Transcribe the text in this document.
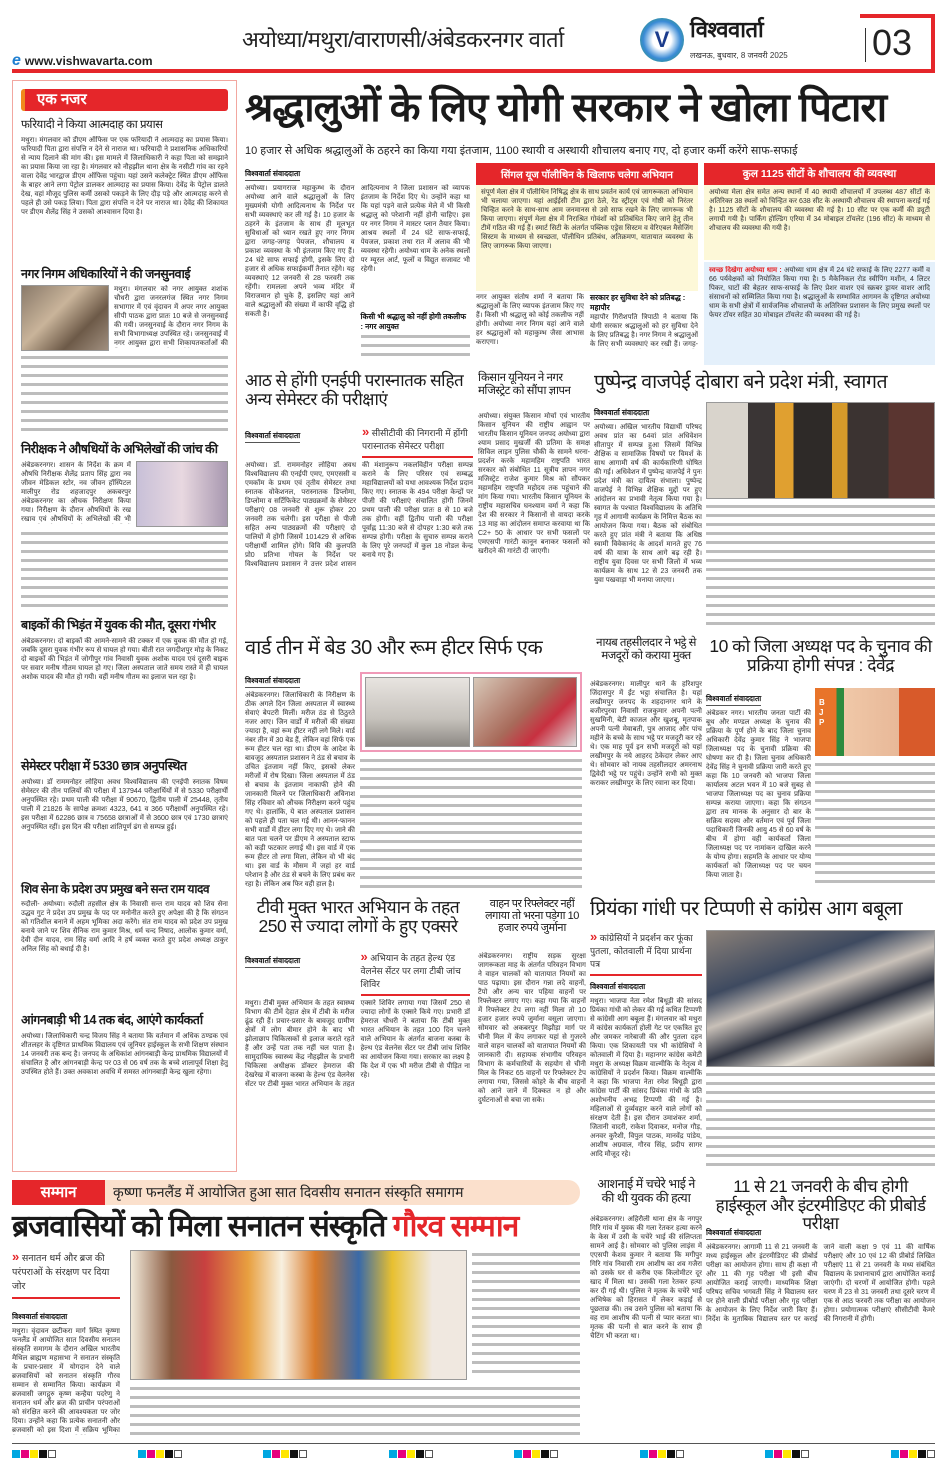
e www.vishwavarta.com
अयोध्या/मथुरा/वाराणसी/अंबेडकरनगर वार्ता	V विश्ववार्ता
लखनऊ, बुधवार, 8 जनवरी 2025 03
एक नजर
फरियादी ने किया आत्मदाह का प्रयास
मथुरा। मंगलवार को डीएम ऑफिस पर एक फरियादी ने आत्मदाह का प्रयास किया। फरियादी पिता द्वारा संपत्ति न देने से नाराज था। फरियादी ने प्रशासनिक अधिकारियों से न्याय दिलाने की मांग की। इस मामले में जिलाधिकारी ने कहा पिता को समझाने का प्रयास किया जा रहा है। मंगलवार को नौहझील थाना क्षेत्र के नसीटी गांव का रहने वाला देवेंद्र भारद्वाज डीएम ऑफिस पहुंचा। यहां उसने कलेक्ट्रेट स्थित डीएम ऑफिस के बाहर आने लगा पेट्रोल डालकर आत्मदाह का प्रयास किया। देवेंद्र के पेट्रोल डालते देख, वहां मौजूद पुलिस कर्मी उसको पकड़ने के लिए दौड़ पड़े और आत्मदाह करने से पहले ही उसे पकड़ लिया। पिता द्वारा संपत्ति न देने पर नाराज था। देवेंद्र की शिकायत पर डीएम शैलेंद्र सिंह ने उसको आश्वासन दिया है।
नगर निगम अधिकारियों ने की जनसुनवाई
मथुरा। मंगलवार को नगर आयुक्त शशांक चौधरी द्वारा जनरलगंज स्थित नगर निगम सभागार में एवं वृंदावन में अपर नगर आयुक्त सीपी पाठक द्वारा प्रातः 10 बजे से जनसुनवाई की गयी। जनसुनवाई के दौरान नगर निगम के सभी विभागाध्यक्ष उपस्थित रहे। जनसुनवाई में नगर आयुक्त द्वारा सभी शिकायतकर्ताओं की
निरीक्षक ने औषधियों के अभिलेखों की जांच की
अंबेडकरनगर। शासन के निर्देश के क्रम में औषधि निरीक्षक शैलेंद्र प्रताप सिंह द्वारा नव जीवन मेडिकल स्टोर, नव जीवन हॉस्पिटल मालीपुर रोड शहजादपुर अकबरपुर अंबेडकरनगर का औचक निरीक्षण किया गया। निरीक्षण के दौरान औषधियों के रख रखाव एवं औषधियों के अभिलेखों की भी
बाइकों की भिड़ंत में युवक की मौत, दूसरा गंभीर
अंबेडकरनगर। दो बाइकों की आमने-सामने की टक्कर में एक युवक की मौत हो गई, जबकि दूसरा युवक गंभीर रूप से घायल हो गया। बीती रात जगदीशपुर मोड़ के निकट दो बाइकों की भिड़ंत में जोगीपुर गांव निवासी युवक अशोक यादव एवं दूसरी बाइक पर सवार मनीष गौतम घायल हो गए। जिला अस्पताल जाते समय रास्ते में ही घायल अशोक यादव की मौत हो गयी। वहीं मनीष गौतम का इलाज चल रहा है।
सेमेस्टर परीक्षा में 5330 छात्र अनुपस्थित
अयोध्या। डॉ राममनोहर लोहिया अवध विश्वविद्यालय की एनईपी स्नातक विषम सेमेस्टर की तीन पालियों की परीक्षा में 137944 परीक्षार्थियों में से 5330 परीक्षार्थी अनुपस्थित रहे। प्रथम पाली की परीक्षा में 90670, द्वितीय पाली में 25448, तृतीय पाली में 21826 के सापेक्ष क्रमशः 4323, 641 व 366 परीक्षार्थी अनुपस्थित रहे। इस परीक्षा में 62286 छात्र व 75658 छात्राओं में से 3600 छात्र एवं 1730 छात्राएं अनुपस्थित रहीं। इस दिन की परीक्षा शांतिपूर्ण ढंग से सम्पन्न हुई।
शिव सेना के प्रदेश उप प्रमुख बने सन्त राम यादव
रुदौली- अयोध्या। रुदौली तहसील क्षेत्र के निवासी सन्त राम यादव को शिव सेना उद्धव गुट ने प्रदेश उप प्रमुख के पद पर मनोनीत करते हुए अपेक्षा की है कि संगठन को गतिशील बनाने में अहम भूमिका अदा करेंगे। संत राम यादव को प्रदेश उप प्रमुख बनाये जाने पर शिव सैनिक राम कुमार मिश्र, धर्म चन्द निषाद, आलोक कुमार वर्मा, देवी दीन यादव, राम सिंह वर्मा आदि ने हर्ष व्यक्त करते हुए प्रदेश अध्यक्ष ठाकुर अनिल सिंह को बधाई दी है।
आंगनबाड़ी भी 14 तक बंद, आएंगे कार्यकर्ता
अयोध्या। जिलाधिकारी चन्द्र विजय सिंह ने बताया कि वर्तमान में अधिक ठण्डक एवं शीतलहर के दृष्टिगत प्राथमिक विद्यालय एवं जूनियर हाईस्कूल के सभी शिक्षण संस्थान 14 जनवरी तक बन्द है। जनपद के अधिकांश आंगनबाड़ी केन्द्र प्राथमिक विद्यालयों में संचालित है और आंगनबाड़ी केन्द्र पर 03 से 06 वर्ष तक के बच्चे शालापूर्व शिक्षा हेतु उपस्थित होते हैं। उक्त अवकाश अवधि में समस्त आंगनबाड़ी केन्द्र खुला रहेगा।
श्रद्धालुओं के लिए योगी सरकार ने खोला पिटारा
10 हजार से अधिक श्रद्धालुओं के ठहरने का किया गया इंतजाम, 1100 स्थायी व अस्थायी शौचालय बनाए गए, दो हजार कर्मी करेंगे साफ-सफाई
विश्ववार्ता संवाददाता
अयोध्या। प्रयागराज महाकुम्भ के दौरान अयोध्या आने वाले श्रद्धालुओं के लिए मुख्यमंत्री योगी आदित्यनाथ के निर्देश पर सभी व्यवस्थाएं कर ली गई है। 10 हजार के ठहरने के इंतजाम के साथ ही मूलभूत सुविधाओं को ध्यान रखते हुए नगर निगम द्वारा जगह-जगह पेयजल, शौचालय व प्रकाश व्यवस्था के भी इंतजाम किए गए हैं। 24 घंटे साफ सफाई होगी, इसके लिए दो हजार से अधिक सफाईकर्मी तैनात रहेंगे। यह व्यवस्थाएं 12 जनवरी से 28 फरवरी तक रहेंगी। रामलला अपने भव्य मंदिर में विराजमान हो चुके हैं, इसलिए यहां आने वाले श्रद्धालुओं की संख्या में काफी वृद्धि हो सकती है।
आदित्यनाथ ने जिला प्रशासन को व्यापक इंतजाम के निर्देश दिए थे। उन्होंने कहा था कि यहां पड़ने वाले प्रत्येक मेले में भी किसी श्रद्धालु को परेशानी नहीं होनी चाहिए। इस पर नगर निगम ने मास्टर प्लान तैयार किया। आश्रय स्थलों में 24 घंटे साफ-सफाई, पेयजल, प्रकाश तथा रात में अलाव की भी व्यवस्था रहेगी। अयोध्या धाम के अनेक स्थलों पर म्यूरल आर्ट, फूलों व विद्युत सजावट भी रहेगी।
किसी भी श्रद्धालु को नहीं होगी तकलीफ : नगर आयुक्त
सिंगल यूज पॉलीथिन के खिलाफ चलेगा अभियान
संपूर्ण मेला क्षेत्र में पॉलीथिन निषिद्ध क्षेत्र के साथ प्रवर्तन कार्य एवं जागरूकता अभियान भी चलाया जाएगा। यहां आईईसी टीम द्वारा ठेले, रेड स्ट्रीट्स एवं गोष्ठी को निरंतर चिन्हित करने के साथ-साथ आम जनमानस से उसे साफ रखने के लिए जागरूक भी किया जाएगा। संपूर्ण मेला क्षेत्र में निराश्रित गोवंशों को प्रतिबंधित किए जाने हेतु तीन टीमें गठित की गई हैं। स्मार्ट सिटी के अंतर्गत पब्लिक एड्रेस सिस्टम व वेरिएबल मैसेजिंग सिस्टम के माध्यम से स्वच्छता, पॉलीथिन प्रतिबंध, अतिक्रमण, यातायात व्यवस्था के लिए जागरूक किया जाएगा।
नगर आयुक्त संतोष शर्मा ने बताया कि श्रद्धालुओं के लिए व्यापक इंतजाम किए गए हैं। किसी भी श्रद्धालु को कोई तकलीफ नहीं होगी। अयोध्या नगर निगम यहां आने वाले हर श्रद्धालुओं को महाकुम्भ जैसा आभास कराएगा।
सरकार हर सुविधा देने को प्रतिबद्ध : महापौर
महापौर गिरीशपति त्रिपाठी ने बताया कि योगी सरकार श्रद्धालुओं को हर सुविधा देने के लिए प्रतिबद्ध है। नगर निगम ने श्रद्धालुओं के लिए सभी व्यवस्थाएं कर रखी हैं। जगह-
कुल 1125 सीटों के शौचालय की व्यवस्था
अयोध्या मेला क्षेत्र समेत अन्य स्थानों में 40 स्थायी शौचालयों में उपलब्ध 487 सीटों के अतिरिक्त 38 स्थलों को चिन्हित कर 638 सीट के अस्थायी शौचालय की स्थापना कराई गई है। 1125 सीटों के शौचालय की व्यवस्था की गई है। 10 सीट पर एक कर्मी की ड्यूटी लगायी गयी है। पार्किंग होल्डिंग एरिया में 34 मोबाइल टॉयलेट (196 सीट) के माध्यम से शौचालय की व्यवस्था की गयी है।
स्वच्छ दिखेगा अयोध्या धाम : अयोध्या धाम क्षेत्र में 24 घंटे सफाई के लिए 2277 कर्मी व 66 पर्यवेक्षकों को नियोजित किया गया है। 5 मैकेनिकल रोड स्वीपिंग मशीन, 4 लिटर पिकर, घाटों की बेहतर साफ-सफाई के लिए प्रेशर वाशर एवं स्क्रबर ड्रायर वाशर आदि संसाधनों को सम्मिलित किया गया है। श्रद्धालुओं के सम्भावित आगमन के दृष्टिगत अयोध्या धाम के सभी क्षेत्रों में सार्वजनिक शौचालयों के अतिरिक्त प्रशासन के लिए प्रमुख स्थलों पर फेयर टॉयर सहित 30 मोबाइल टॉयलेट की व्यवस्था की गई है।
आठ से होंगी एनईपी परास्नातक सहित अन्य सेमेस्टर की परीक्षाएं
विश्ववार्ता संवाददाता	» सीसीटीवी की निगरानी में होंगी परास्नातक सेमेस्टर परीक्षा
अयोध्या। डॉ. राममनोहर लोहिया अवध विश्वविद्यालय की एनईपी एमए, एमएससी व एमकॉम के प्रथम एवं तृतीय सेमेस्टर तथा स्नातक वोकेशनल, परास्नातक डिप्लोमा, डिप्लोमा व सर्टिफिकेट पाठ्यक्रमों के सेमेस्टर परीक्षाएं 08 जनवरी से शुरू होकर 20 जनवरी तक चलेगी। इस परीक्षा से पीजी सहित अन्य पाठ्यक्रमों की परीक्षाएं दो पालियों में होंगी जिसमें 101429 से अधिक परीक्षार्थी शामिल होंगे। विवि की कुलपति प्रो0 प्रतिभा गोयल के निर्देश पर विश्वविद्यालय प्रशासन ने उत्तर प्रदेश शासन की मंशानुरूप नकलविहीन परीक्षा सम्पन्न कराने के लिए परिसर एवं सम्बद्ध महाविद्यालयों को यथा आवश्यक निर्देश प्रदान किए गए। स्नातक के 494 परीक्षा केन्द्रों पर पीजी की परीक्षाएं संचालित होंगी जिनमें प्रथम पाली की परीक्षा प्रातः 8 से 10 बजे तक होगी। वहीं द्वितीय पाली की परीक्षा पूर्वाह्न 11:30 बजे से दोपहर 1:30 बजे तक सम्पन्न होगी। परीक्षा के सुचारु सम्पन्न कराने के लिए पूरे जनपदों में कुल 18 नोडल केन्द्र बनाये गए हैं।
किसान यूनियन ने नगर मजिस्ट्रेट को सौंपा ज्ञापन
अयोध्या। संयुक्त किसान मोर्चा एवं भारतीय किसान यूनियन की राष्ट्रीय आह्वान पर भारतीय किसान यूनियन जनपद अयोध्या द्वारा श्याम प्रसाद मुखर्जी की प्रतिमा के समक्ष सिविल लाइन पुलिस चौकी के सामने धरना-प्रदर्शन करके महामहिम राष्ट्रपति भारत सरकार को संबोधित 11 सूत्रीय ज्ञापन नगर मजिस्ट्रेट राजेश कुमार मिश्र को सौंपकर महामहिम राष्ट्रपति महोदय तक पहुंचाने की मांग किया गया। भारतीय किसान यूनियन के राष्ट्रीय महासचिव घनश्याम वर्मा ने कहा कि देश की सरकार ने किसानों से वायदा करके 13 माह का आंदोलन समाप्त करवाया था कि C2+ 50 के आधार पर सभी फसलों पर एमएसपी गारंटी कानून बनाकर फसलों को खरीदने की गारंटी दी जाएगी।
पुष्पेन्द्र वाजपेई दोबारा बने प्रदेश मंत्री, स्वागत
विश्ववार्ता संवाददाता
अयोध्या। अखिल भारतीय विद्यार्थी परिषद अवध प्रांत का 64वां प्रांत अधिवेशन सीतापुर में सम्पन्न हुआ जिसमें विभिन्न शैक्षिक व सामाजिक विषयों पर विमर्श के साथ आगामी वर्ष की कार्यकारिणी घोषित की गई। अधिवेशन में पुष्पेन्द्र वाजपेई ने पुनः प्रदेश मंत्री का दायित्व संभाला। पुष्पेन्द्र वाजपेई ने विभिन्न शैक्षिक मुद्दों पर हुए आंदोलन का प्रभावी नेतृत्व किया गया है। स्वागत के पश्चात विश्वविद्यालय के अतिथि गृह में आगामी कार्यक्रम के निमित्त बैठक का आयोजन किया गया। बैठक को संबोधित करते हुए प्रांत मंत्री ने बताया कि अधिष्ठ स्वामी विवेकानंद के आदर्श मानते हुए 76 वर्ष की यात्रा के साथ आगे बढ़ रही है। राष्ट्रीय युवा दिवस पर सभी जिलों में भव्य कार्यक्रम के साथ 12 से 23 जनवरी तक युवा पखवाड़ा भी मनाया जाएगा।
वार्ड तीन में बेड 30 और रूम हीटर सिर्फ एक
विश्ववार्ता संवाददाता
अंबेडकरनगर। जिलाधिकारी के निरीक्षण के ठीक अगले दिन जिला अस्पताल में स्वास्थ्य सेवाएं बेपटरी मिलीं। मरीज ठंड से ठिठुरते नजर आए। जिन वार्डों में मरीजों की संख्या ज्यादा है, वहां रूम हीटर नहीं लगे मिले। वार्ड नंबर तीन में 30 बेड हैं, लेकिन वहां सिर्फ एक रूम हीटर चल रहा था। डीएम के आदेश के बावजूद अस्पताल प्रशासन ने ठंड से बचाव के उचित इंतजाम नहीं किए, इसको लेकर मरीजों में रोष दिखा। जिला अस्पताल में ठंड से बचाव के इंतजाम नाकाफी होने की जानकारी मिलने पर जिलाधिकारी अविनाश सिंह रविवार को औचक निरीक्षण करने पहुंच गए थे। हालांकि, ये बात अस्पताल प्रशासन को पहले ही पता चल गई थी। आनन-फानन सभी वार्डों में हीटर लगा दिए गए थे। जाने की बात पता चलने पर डीएम ने अस्पताल स्टाफ को कड़ी फटकार लगाई थी। इस वार्ड में एक रूम हीटर तो लगा मिला, लेकिन वो भी बंद था। इस वार्ड के मौसम में जहां हर वार्ड परेशान है और ठंड से बचने के लिए प्रबंध कर रहा है। लेकिन अब फिर वही हाल है।
नायब तहसीलदार ने भट्ठे से मजदूरों को कराया मुक्त
अंबेडकरनगर। मालीपुर थाने के हरिशपुर जिंदासपुर में ईंट भट्ठा संचालित है। यहां लखीमपुर जनपद के शहदानगर थाने के बजीरपुरवा निवासी राजकुमार अपनी पत्नी सुखमिनी, बेटी काजल और खुशबू, मृतपाक अपनी पत्नी मेवाबती, पुत्र आजाद और पांच महीने के बच्चे के साथ भट्ठे पर मजदूरी कर रहे थे। एक माह पूर्व इन सभी मजदूरों को यहां लखीमपुर के नये आहरद ठेकेदार लेकर आए थे। सोमवार को नायब तहसीलदार अमरनाथ द्विवेदी भट्ठे पर पहुंचे। उन्होंने सभी को मुक्त कराकर लखीमपुर के लिए रवाना कर दिया।
10 को जिला अध्यक्ष पद के चुनाव की प्रक्रिया होगी संपन्न : देवेंद्र
विश्ववार्ता संवाददाता
अंबेडकर नगर। भारतीय जनता पार्टी की बूथ और मण्डल अध्यक्ष के चुनाव की प्रक्रिया के पूर्ण होने के बाद जिला चुनाव अधिकारी देवेंद्र कुमार सिंह ने भाजपा जिलाध्यक्ष पद के चुनावी प्रक्रिया की घोषणा कर दी है। जिला चुनाव अधिकारी देवेंद्र सिंह ने चुनावी प्रक्रिया जारी करते हुए कहा कि 10 जनवरी को भाजपा जिला कार्यालय अटल भवन में 10 बजे सुबह से भाजपा जिलाध्यक्ष पद का चुनाव प्रक्रिया सम्पन्न कराया जाएगा। कहा कि संगठन द्वारा तय मानक के अनुसार दो बार के सक्रिय सदस्य और वर्तमान एवं पूर्व जिला पदाधिकारी जिनकी आयु 45 से 60 वर्ष के बीच में होगा वही कार्यकर्ता जिला जिलाध्यक्ष पद पर नामांकन दाखिल करने के योग्य होगा। सहमति के आधार पर योग्य कार्यकर्ता को जिलाध्यक्ष पद पर चयन किया जाता है।
BJP
टीवी मुक्त भारत अभियान के तहत 250 से ज्यादा लोगों के हुए एक्सरे
विश्ववार्ता संवाददाता	» अभियान के तहत हेल्थ एंड वेलनेस सेंटर पर लगा टीबी जांच शिविर
मथुरा। टीबी मुक्त अभियान के तहत स्वास्थ्य विभाग की टीमें देहात क्षेत्र में टीबी के मरीज ढूंढ रही हैं। प्रचार-प्रसार के बावजूद ग्रामीण क्षेत्रों में लोग बीमार होने के बाद भी झोलाछाप चिकित्सकों से इलाज कराते रहते हैं और उन्हें पता तक नहीं चल पाता है। सामुदायिक स्वास्थ्य केंद्र नौहझील के प्रभारी चिकित्सा अधीक्षक डॉक्टर हेमराज की देखरेख में बाजना कस्बा के हेल्थ एंड वेलनेस सेंटर पर टीबी मुक्त भारत अभियान के तहत एक्सरे शिविर लगाया गया जिसमें 250 से ज्यादा लोगों के एक्सरे किये गए। प्रभारी डॉ हेमराज चौधरी ने बताया कि टीबी मुक्त भारत अभियान के तहत 100 दिन चलने वाले अभियान के अंतर्गत बाजना कस्बा के हेल्थ एंड वेलनेस सेंटर पर टीबी जांच शिविर का आयोजन किया गया। सरकार का लक्ष्य है कि देश में एक भी मरीज टीबी से पीड़ित ना रहे।
वाहन पर रिफ्लेक्टर नहीं लगाया तो भरना पड़ेगा 10 हजार रुपये जुर्माना
अंबेडकरनगर। राष्ट्रीय सड़क सुरक्षा जागरूकता माह के अंतर्गत परिवहन विभाग ने वाहन चालकों को यातायात नियमों का पाठ पढ़ाया। इस दौरान गन्ना लदे वाहनों, टैंपो और अन्य चार पहिया वाहनों पर रिफ्लेक्टर लगाए गए। कहा गया कि वाहनों में रिफ्लेक्टर टेप लगा नहीं मिला तो 10 हजार हजार रुपये जुर्माना वसूला जाएगा। सोमवार को अकबरपुर मिझौड़ा मार्ग पर चीनी मिल में केंप लगाकर यहां से गुजरने वाले वाहन चालकों को यातायात नियमों की जानकारी दी। सहायक संभागीय परिवहन विभाग के कर्मचारियों के सहयोग से चीनी मिल के निकट 65 वाहनों पर रिफ्लेक्टर टेप लगाया गया, जिससे कोहरे के बीच वाहनों को आने जाने में दिक्कत न हो और दुर्घटनाओं से बचा जा सके।
प्रियंका गांधी पर टिप्पणी से कांग्रेस आग बबूला
» कांग्रेसियों ने प्रदर्शन कर फूंका पुतला, कोतवाली में दिया प्रार्थना पत्र
विश्ववार्ता संवाददाता
मथुरा। भाजपा नेता रमेश बिधूड़ी की सांसद प्रियंका गांधी को लेकर की गई कथित टिप्पणी से कांग्रेसी आग बबूला हैं। मंगलवार को मथुरा में कांग्रेस कार्यकर्ता होली गेट पर एकत्रित हुए और जमकर नारेबाजी की और पुतला दहन किया। एक शिकायती पत्र भी कांग्रेसियों ने कोतवाली में दिया है। महानगर कांग्रेस कमेटी मथुरा के अध्यक्ष विक्रम वाल्मीकि के नेतृत्व में कांग्रेसियों ने प्रदर्शन किया। विक्रम वाल्मीकि ने कहा कि भाजपा नेता रमेश बिधूड़ी द्वारा कांग्रेस पार्टी की सांसद प्रियंका गांधी के प्रति अशोभनीय अभद्र टिप्पणी की गई है। महिलाओं से दुर्व्यवहार करने वाले लोगों को संरक्षण देती है। इस दौरान उमाशंकर शर्मा, जितानी वादरी, राकेश दिवाकर, मनोज गौड़, अनवर कुरैशी, विपुल पाठक, मानवेंद्र पांडेय, आशीष अग्रवाल, गौरव सिंह, प्रदीप सागर आदि मौजूद रहे।
सम्मान	कृष्णा फनलैंड में आयोजित हुआ सात दिवसीय सनातन संस्कृति समागम
ब्रजवासियों को मिला सनातन संस्कृति गौरव सम्मान
» सनातन धर्म और ब्रज की परंपराओं के संरक्षण पर दिया जोर
विश्ववार्ता संवाददाता
मथुरा। वृंदावन छटीकरा मार्ग स्थित कृष्णा फनलैंड में आयोजित सात दिवसीय सनातन संस्कृति समागम के दौरान अखिल भारतीय मैथिल ब्राह्मण महासभा ने सनातन संस्कृति के प्रचार-प्रसार में योगदान देने वाले ब्रजवासियों को सनातन संस्कृति गौरव सम्मान से सम्मानित किया। कार्यक्रम में ब्रजवासी जगद्गुरु कृष्ण कन्हैया पदरेणु ने सनातन धर्म और ब्रज की प्राचीन परंपराओं को संरक्षित करने की आवश्यकता पर जोर दिया। उन्होंने कहा कि प्रत्येक सनातनी और ब्रजवासी को इस दिशा में सक्रिय भूमिका
आशनाई में चचेरे भाई ने की थी युवक की हत्या
अंबेडकरनगर। अहिरौली थाना क्षेत्र के नगपुर गिरि गांव में युवक की गला रेतकर हत्या करने के केस में उसी के चचेरे भाई की संलिप्तता सामने आई है। सोमवार को पुलिस लाइंस में एएसपी केशव कुमार ने बताया कि मगीपुर गिरि गांव निवासी राम आशीष का शव गजैरा को उसके घर से करीब एक किलोमीटर दूर खाद में मिला था। उसकी गला रेतकर हत्या कर दी गई थी। पुलिस ने मृतक के चचेरे भाई अभिषेक को हिरासत में लेकर कड़ाई से पूछताछ की। तब उसने पुलिस को बताया कि वह राम आशीष की पत्नी से प्यार करता था। मृतक की पत्नी से बात करने के साथ ही चैटिंग भी करता था।
11 से 21 जनवरी के बीच होगी हाईस्कूल और इंटरमीडिएट की प्रीबोर्ड परीक्षा
विश्ववार्ता संवाददाता
अंबेडकरनगर। आगामी 11 से 21 जनवरी के मध्य हाईस्कूल और इंटरमीडिएट की प्रीबोर्ड परीक्षा का आयोजन होगा। साथ ही कक्षा नौ और 11 की गृह परीक्षा भी इसी बीच आयोजित कराई जाएगी। माध्यमिक शिक्षा परिषद सचिव भगवती सिंह ने विद्यालय स्तर पर होने वाली प्रीबोर्ड परीक्षा और गृह परीक्षा के आयोजन के लिए निर्देश जारी किए हैं। निर्देश के मुताबिक विद्यालय स्तर पर कराई जाने वाली कक्षा 9 एवं 11 की वार्षिक परीक्षाएं और 10 एवं 12 की प्रीबोर्ड लिखित परीक्षाएं 11 से 21 जनवरी के मध्य संबंधित विद्यालय के प्रधानाचार्य द्वारा आयोजित कराई जाएंगी। दो चरणों में आयोजित होगी। पहले चरण में 23 से 31 जनवरी तथा दूसरे चरण में एक से आठ फरवरी तक परीक्षा का आयोजन होगा। प्रयोगात्मक परीक्षाएं सीसीटीवी कैमरे की निगरानी में होंगी।
